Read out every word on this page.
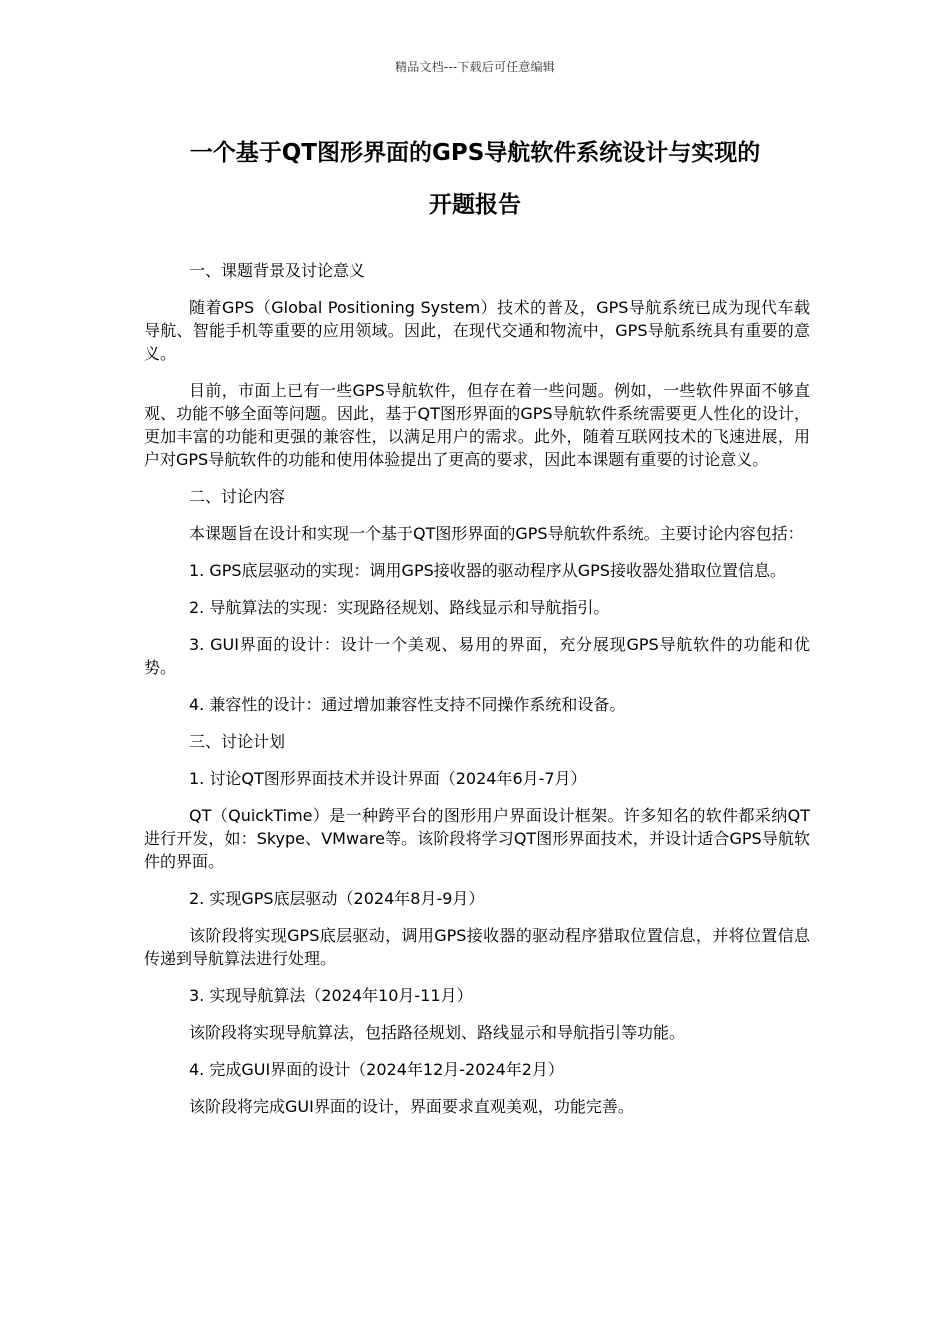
精品文档---下载后可任意编辑
一个基于QT图形界面的GPS导航软件系统设计与实现的
开题报告

一、课题背景及讨论意义

随着GPS（Global Positioning System）技术的普及，GPS导航系统已成为现代车载导航、智能手机等重要的应用领域。因此，在现代交通和物流中，GPS导航系统具有重要的意义。

目前，市面上已有一些GPS导航软件，但存在着一些问题。例如，一些软件界面不够直观、功能不够全面等问题。因此，基于QT图形界面的GPS导航软件系统需要更人性化的设计，更加丰富的功能和更强的兼容性，以满足用户的需求。此外，随着互联网技术的飞速进展，用户对GPS导航软件的功能和使用体验提出了更高的要求，因此本课题有重要的讨论意义。

二、讨论内容

本课题旨在设计和实现一个基于QT图形界面的GPS导航软件系统。主要讨论内容包括：

1. GPS底层驱动的实现：调用GPS接收器的驱动程序从GPS接收器处猎取位置信息。

2. 导航算法的实现：实现路径规划、路线显示和导航指引。

3. GUI界面的设计：设计一个美观、易用的界面，充分展现GPS导航软件的功能和优势。

4. 兼容性的设计：通过增加兼容性支持不同操作系统和设备。

三、讨论计划

1. 讨论QT图形界面技术并设计界面（2024年6月-7月）

QT（QuickTime）是一种跨平台的图形用户界面设计框架。许多知名的软件都采纳QT进行开发，如：Skype、VMware等。该阶段将学习QT图形界面技术，并设计适合GPS导航软件的界面。

2. 实现GPS底层驱动（2024年8月-9月）

该阶段将实现GPS底层驱动，调用GPS接收器的驱动程序猎取位置信息，并将位置信息传递到导航算法进行处理。

3. 实现导航算法（2024年10月-11月）

该阶段将实现导航算法，包括路径规划、路线显示和导航指引等功能。

4. 完成GUI界面的设计（2024年12月-2024年2月）

该阶段将完成GUI界面的设计，界面要求直观美观，功能完善。
